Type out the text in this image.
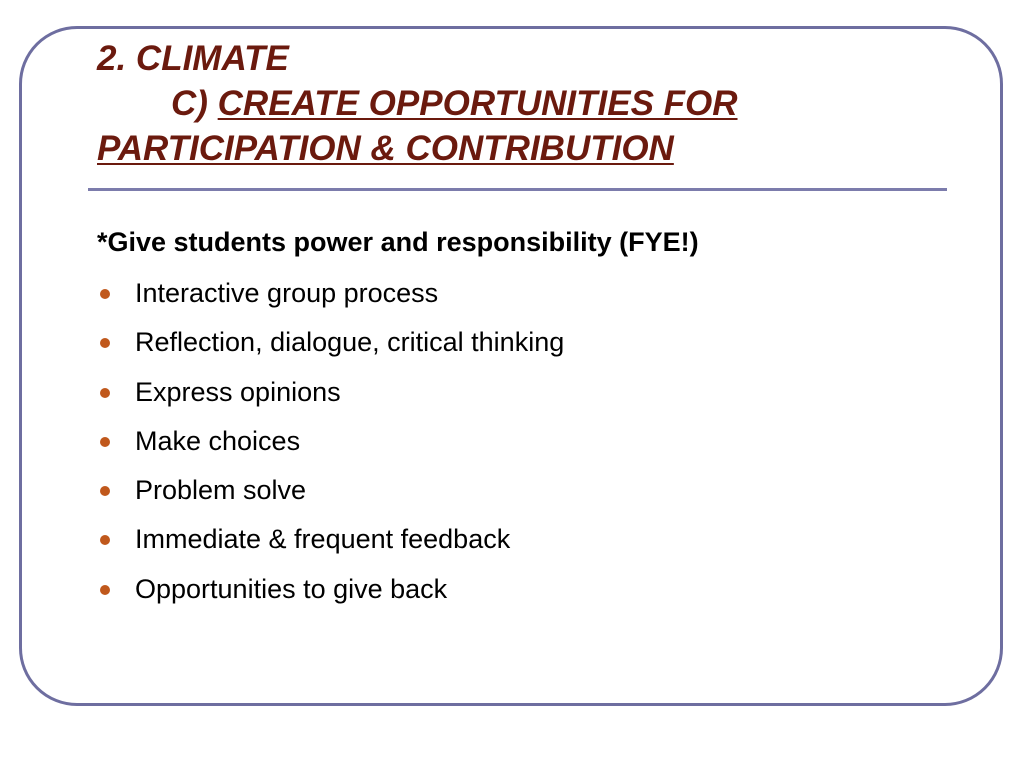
2. CLIMATE
C) CREATE OPPORTUNITIES FOR
PARTICIPATION & CONTRIBUTION

*Give students power and responsibility (FYE!)

Interactive group process
Reflection, dialogue, critical thinking
Express opinions
Make choices
Problem solve
Immediate & frequent feedback
Opportunities to give back
